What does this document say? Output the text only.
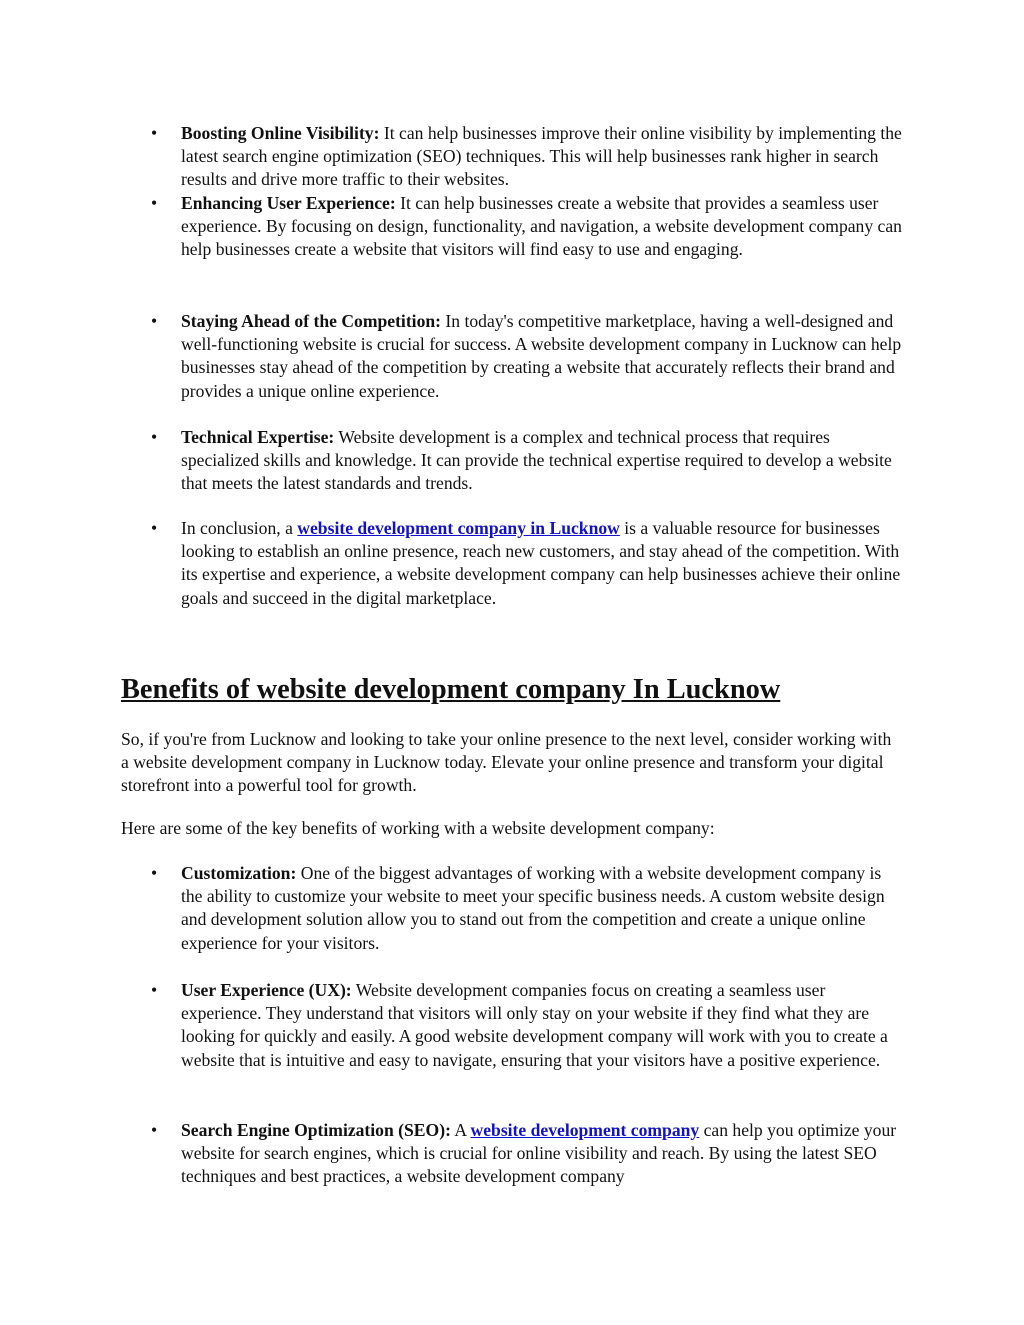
• Boosting Online Visibility: It can help businesses improve their online visibility by implementing the latest search engine optimization (SEO) techniques. This will help businesses rank higher in search results and drive more traffic to their websites.
• Enhancing User Experience: It can help businesses create a website that provides a seamless user experience. By focusing on design, functionality, and navigation, a website development company can help businesses create a website that visitors will find easy to use and engaging.
• Staying Ahead of the Competition: In today's competitive marketplace, having a well-designed and well-functioning website is crucial for success. A website development company in Lucknow can help businesses stay ahead of the competition by creating a website that accurately reflects their brand and provides a unique online experience.
• Technical Expertise: Website development is a complex and technical process that requires specialized skills and knowledge. It can provide the technical expertise required to develop a website that meets the latest standards and trends.
• In conclusion, a website development company in Lucknow is a valuable resource for businesses looking to establish an online presence, reach new customers, and stay ahead of the competition. With its expertise and experience, a website development company can help businesses achieve their online goals and succeed in the digital marketplace.
Benefits of website development company In Lucknow

So, if you're from Lucknow and looking to take your online presence to the next level, consider working with a website development company in Lucknow today. Elevate your online presence and transform your digital storefront into a powerful tool for growth.

Here are some of the key benefits of working with a website development company:

• Customization: One of the biggest advantages of working with a website development company is the ability to customize your website to meet your specific business needs. A custom website design and development solution allow you to stand out from the competition and create a unique online experience for your visitors.
• User Experience (UX): Website development companies focus on creating a seamless user experience. They understand that visitors will only stay on your website if they find what they are looking for quickly and easily. A good website development company will work with you to create a website that is intuitive and easy to navigate, ensuring that your visitors have a positive experience.
• Search Engine Optimization (SEO): A website development company can help you optimize your website for search engines, which is crucial for online visibility and reach. By using the latest SEO techniques and best practices, a website development company
